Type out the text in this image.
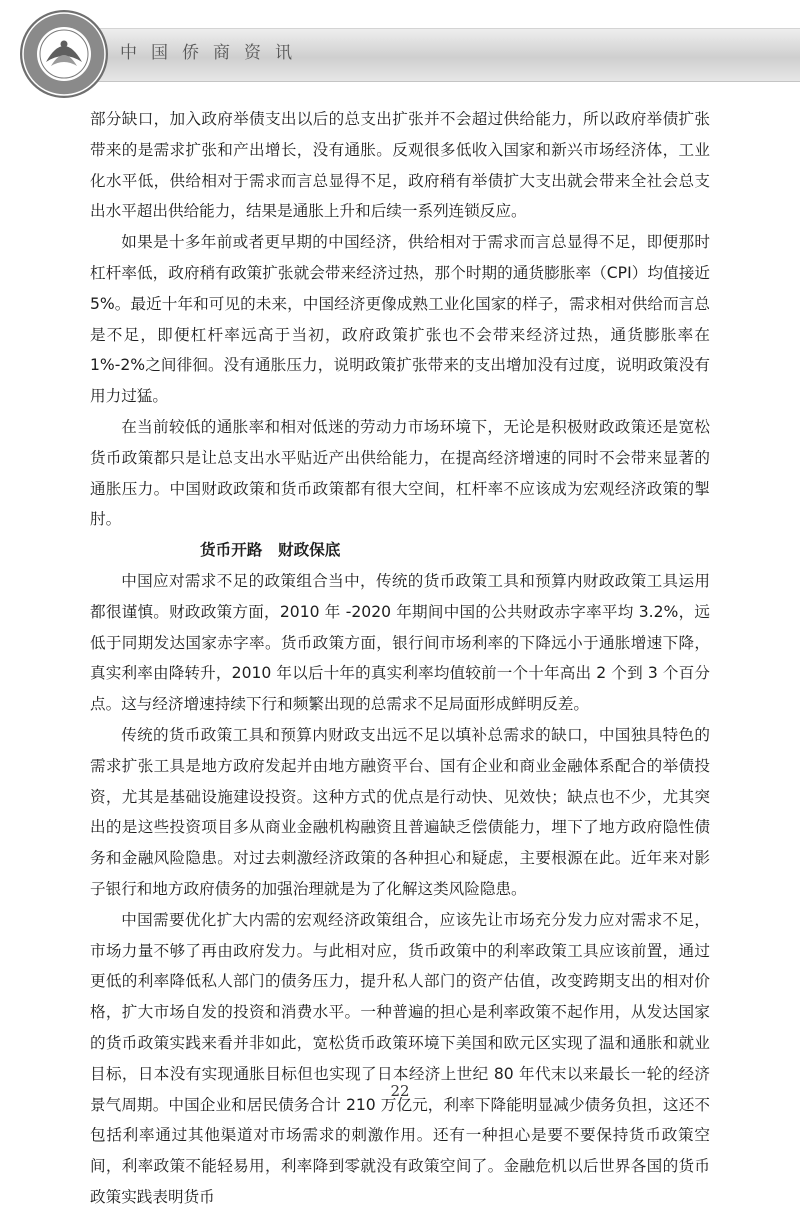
中国侨商资讯

部分缺口，加入政府举债支出以后的总支出扩张并不会超过供给能力，所以政府举债扩张带来的是需求扩张和产出增长，没有通胀。反观很多低收入国家和新兴市场经济体，工业化水平低，供给相对于需求而言总显得不足，政府稍有举债扩大支出就会带来全社会总支出水平超出供给能力，结果是通胀上升和后续一系列连锁反应。

如果是十多年前或者更早期的中国经济，供给相对于需求而言总显得不足，即便那时杠杆率低，政府稍有政策扩张就会带来经济过热，那个时期的通货膨胀率（CPI）均值接近5%。最近十年和可见的未来，中国经济更像成熟工业化国家的样子，需求相对供给而言总是不足，即便杠杆率远高于当初，政府政策扩张也不会带来经济过热，通货膨胀率在 1%-2%之间徘徊。没有通胀压力，说明政策扩张带来的支出增加没有过度，说明政策没有用力过猛。

在当前较低的通胀率和相对低迷的劳动力市场环境下，无论是积极财政政策还是宽松货币政策都只是让总支出水平贴近产出供给能力，在提高经济增速的同时不会带来显著的通胀压力。中国财政政策和货币政策都有很大空间，杠杆率不应该成为宏观经济政策的掣肘。

货币开路　财政保底

中国应对需求不足的政策组合当中，传统的货币政策工具和预算内财政政策工具运用都很谨慎。财政政策方面，2010 年 -2020 年期间中国的公共财政赤字率平均 3.2%，远低于同期发达国家赤字率。货币政策方面，银行间市场利率的下降远小于通胀增速下降，真实利率由降转升，2010 年以后十年的真实利率均值较前一个十年高出 2 个到 3 个百分点。这与经济增速持续下行和频繁出现的总需求不足局面形成鲜明反差。

传统的货币政策工具和预算内财政支出远不足以填补总需求的缺口，中国独具特色的需求扩张工具是地方政府发起并由地方融资平台、国有企业和商业金融体系配合的举债投资，尤其是基础设施建设投资。这种方式的优点是行动快、见效快；缺点也不少，尤其突出的是这些投资项目多从商业金融机构融资且普遍缺乏偿债能力，埋下了地方政府隐性债务和金融风险隐患。对过去刺激经济政策的各种担心和疑虑，主要根源在此。近年来对影子银行和地方政府债务的加强治理就是为了化解这类风险隐患。

中国需要优化扩大内需的宏观经济政策组合，应该先让市场充分发力应对需求不足，市场力量不够了再由政府发力。与此相对应，货币政策中的利率政策工具应该前置，通过更低的利率降低私人部门的债务压力，提升私人部门的资产估值，改变跨期支出的相对价格，扩大市场自发的投资和消费水平。一种普遍的担心是利率政策不起作用，从发达国家的货币政策实践来看并非如此，宽松货币政策环境下美国和欧元区实现了温和通胀和就业目标，日本没有实现通胀目标但也实现了日本经济上世纪 80 年代末以来最长一轮的经济景气周期。中国企业和居民债务合计 210 万亿元，利率下降能明显减少债务负担，这还不包括利率通过其他渠道对市场需求的刺激作用。还有一种担心是要不要保持货币政策空间，利率政策不能轻易用，利率降到零就没有政策空间了。金融危机以后世界各国的货币政策实践表明货币

22
